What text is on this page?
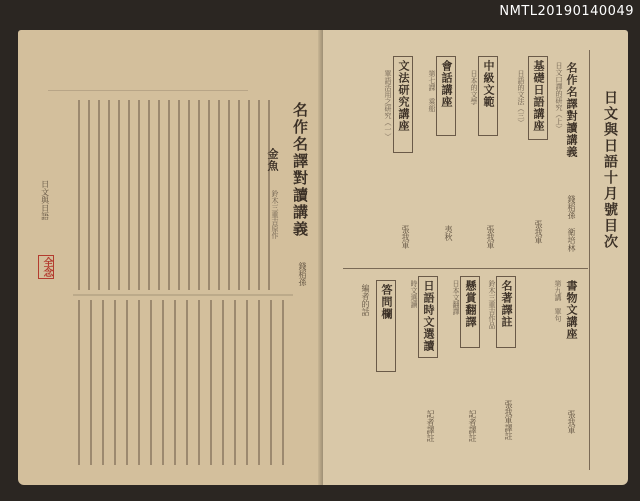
NMTL20190140049
名作名譯對讀講義
錢稻孫
金魚
鈴木三重吉原作
日文與日語
全念
日文與日語十月號目次
名作名譯對讀講義
日文口譯的研究（上）
錢稻孫 衛培林
基礎日語講座
日語的文法（三）
張我軍
中級文範
日本的文學
張我軍
會話講座
第七課　乘船
夷秋
文法研究講座
單語活用之研究（一）
張我軍
書物文講座
第九講　單句
張我軍
名著譯註
鈴木三重吉作品
張我軍譯註
懸賞翻譯
日本文翻譯
記者譯註
日語時文選讀
時文選讀
記者譯註
答問欄
編者的話
